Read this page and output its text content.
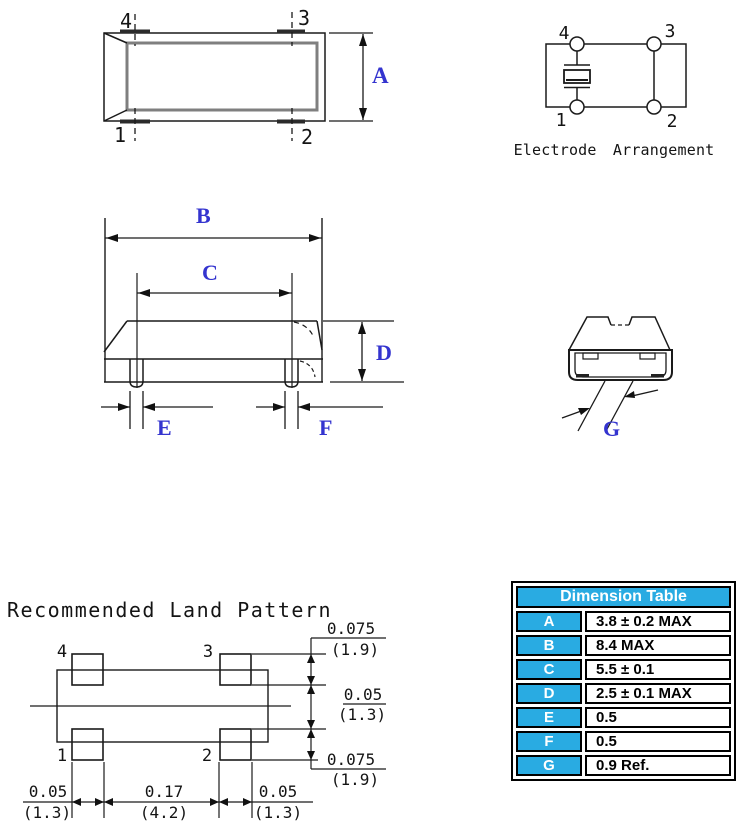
4	3
1	2
A
4	3
1	2
Electrode Arrangement
B
C
D
E	F	G
Recommended Land Pattern
4	3
1	2
0.075
(1.9)
0.05
(1.3)
0.075
(1.9)
0.05
(1.3)
0.17
(4.2)
0.05
(1.3)
Dimension Table	
A	3.8 ± 0.2 MAX
B	8.4 MAX
C	5.5 ± 0.1
D	2.5 ± 0.1 MAX
E	0.5
F	0.5
G	0.9 Ref.
